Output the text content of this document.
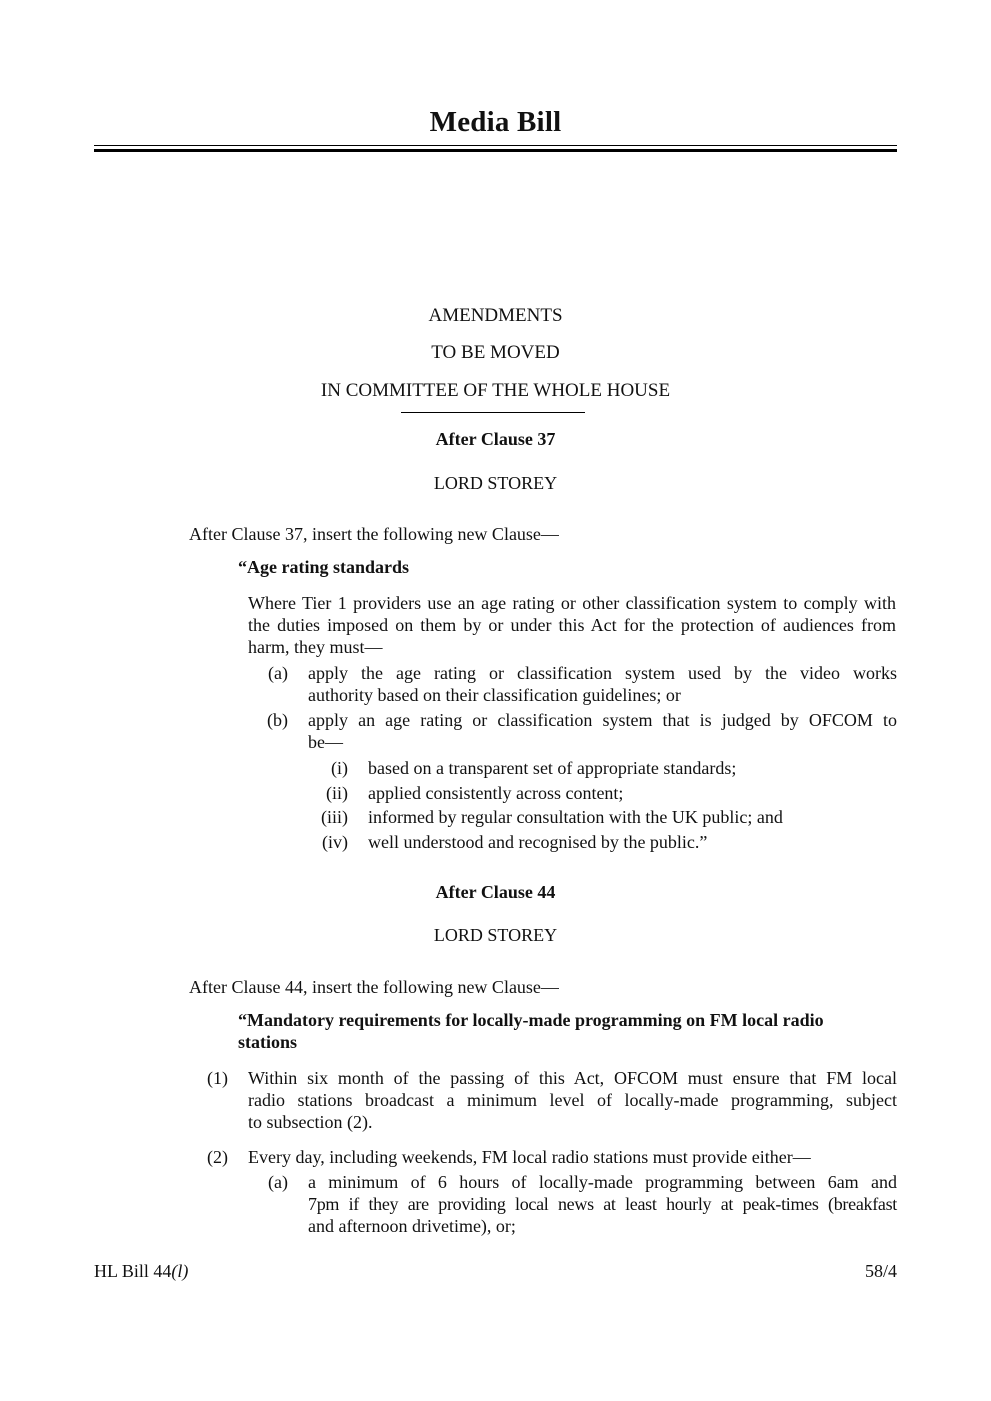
Media Bill
AMENDMENTS
TO BE MOVED
IN COMMITTEE OF THE WHOLE HOUSE
After Clause 37
LORD STOREY
After Clause 37, insert the following new Clause—
“Age rating standards
Where Tier 1 providers use an age rating or other classification system to comply with the duties imposed on them by or under this Act for the protection of audiences from harm, they must—
(a) apply the age rating or classification system used by the video works
authority based on their classification guidelines; or
(b) apply an age rating or classification system that is judged by OFCOM to
be—
(i) based on a transparent set of appropriate standards;
(ii) applied consistently across content;
(iii) informed by regular consultation with the UK public; and
(iv) well understood and recognised by the public.”
After Clause 44
LORD STOREY
After Clause 44, insert the following new Clause—
“Mandatory requirements for locally-made programming on FM local radio
stations
(1) Within six month of the passing of this Act, OFCOM must ensure that FM local
radio stations broadcast a minimum level of locally-made programming, subject
to subsection (2).
(2) Every day, including weekends, FM local radio stations must provide either—
(a) a minimum of 6 hours of locally-made programming between 6am and
7pm if they are providing local news at least hourly at peak-times (breakfast
and afternoon drivetime), or;
HL Bill 44(l)	58/4
